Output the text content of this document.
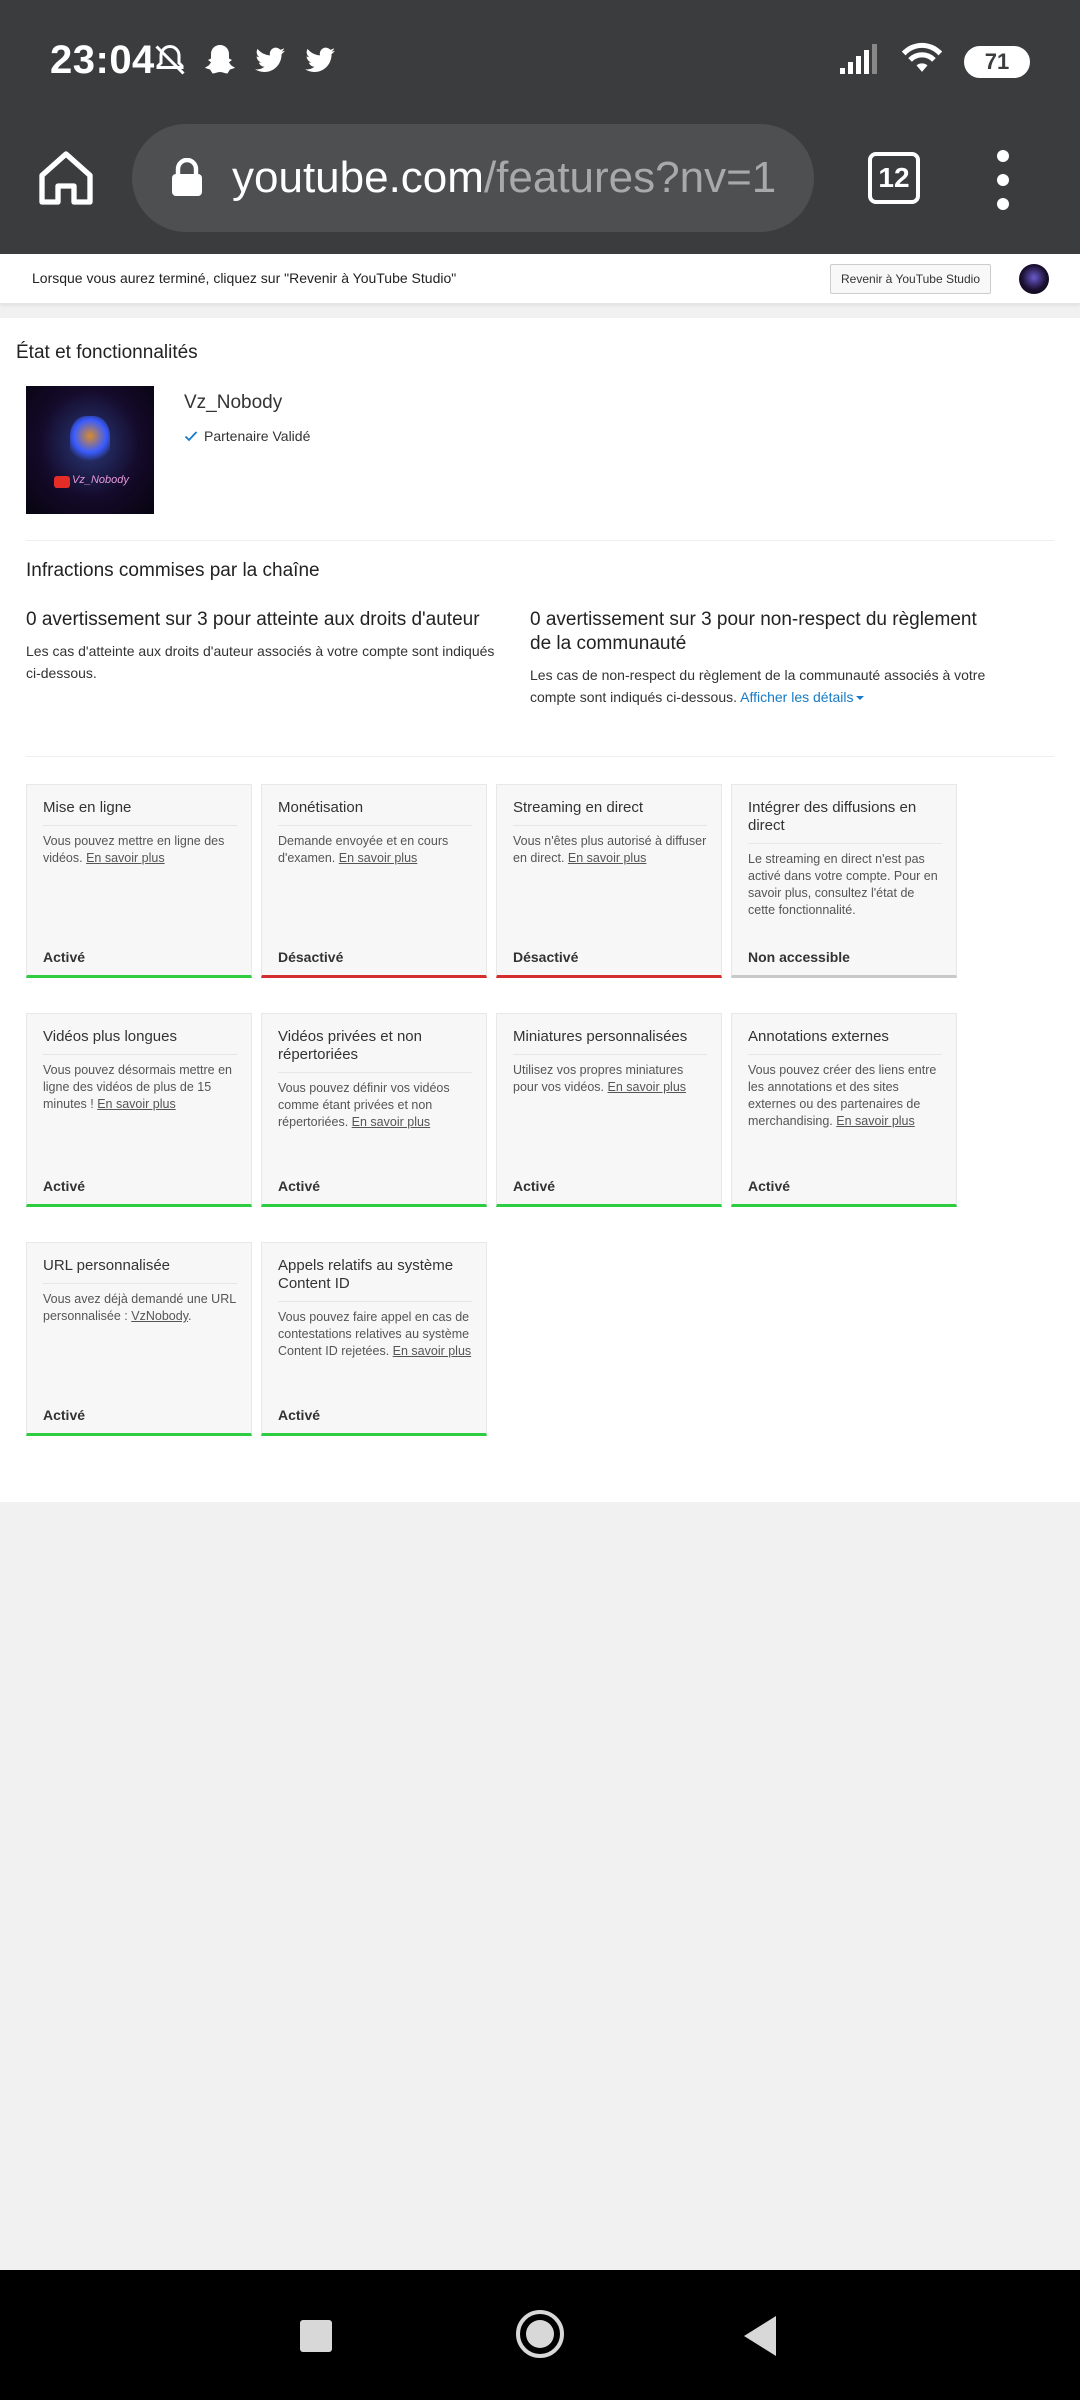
23:04	71
youtube.com /features?nv=1	12
Lorsque vous aurez terminé, cliquez sur "Revenir à YouTube Studio"	Revenir à YouTube Studio
État et fonctionnalités
Vz_Nobody
Vz_Nobody
Partenaire Validé
Infractions commises par la chaîne
0 avertissement sur 3 pour atteinte aux droits d'auteur

Les cas d'atteinte aux droits d'auteur associés à votre compte sont indiqués ci-dessous.

0 avertissement sur 3 pour non-respect du règlement de la communauté

Les cas de non-respect du règlement de la communauté associés à votre compte sont indiqués ci-dessous. Afficher les détails

Mise en ligne
Vous pouvez mettre en ligne des vidéos. En savoir plus
Activé
Monétisation
Demande envoyée et en cours d'examen. En savoir plus
Désactivé
Streaming en direct
Vous n'êtes plus autorisé à diffuser en direct. En savoir plus
Désactivé
Intégrer des diffusions en direct
Le streaming en direct n'est pas activé dans votre compte. Pour en savoir plus, consultez l'état de cette fonctionnalité.
Non accessible
Vidéos plus longues
Vous pouvez désormais mettre en ligne des vidéos de plus de 15 minutes ! En savoir plus
Activé
Vidéos privées et non répertoriées
Vous pouvez définir vos vidéos comme étant privées et non répertoriées. En savoir plus
Activé
Miniatures personnalisées
Utilisez vos propres miniatures pour vos vidéos. En savoir plus
Activé
Annotations externes
Vous pouvez créer des liens entre les annotations et des sites externes ou des partenaires de merchandising. En savoir plus
Activé
URL personnalisée
Vous avez déjà demandé une URL personnalisée : VzNobody.
Activé
Appels relatifs au système Content ID
Vous pouvez faire appel en cas de contestations relatives au système Content ID rejetées. En savoir plus
Activé
